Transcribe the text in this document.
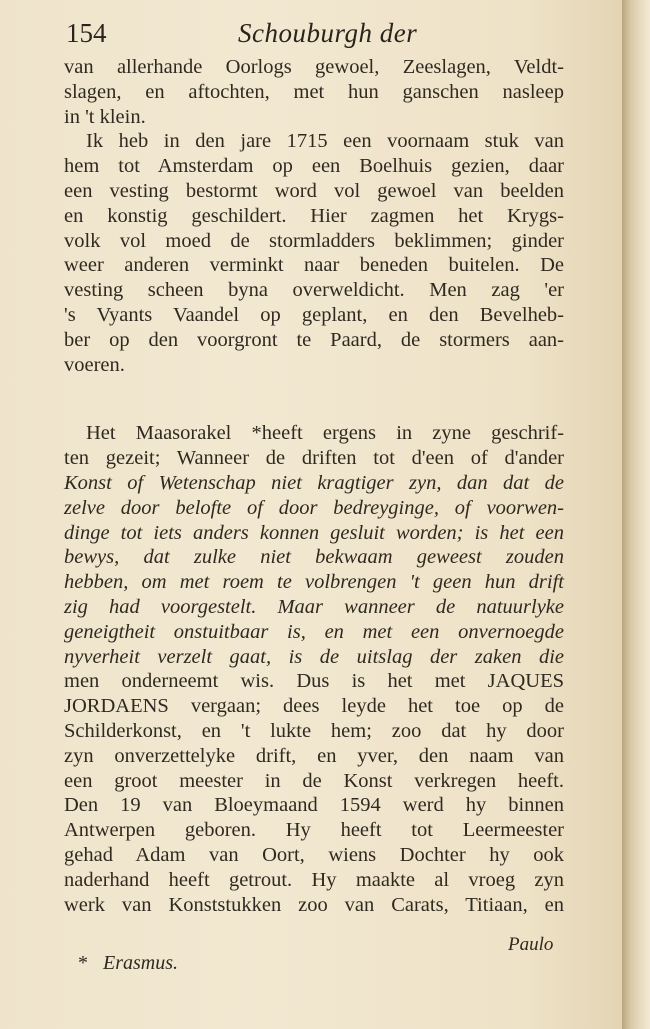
154	Schouburgh der
van allerhande Oorlogs gewoel, Zeeslagen, Veldt-
slagen, en aftochten, met hun ganschen nasleep
in 't klein.
Ik heb in den jare 1715 een voornaam stuk van
hem tot Amsterdam op een Boelhuis gezien, daar
een vesting bestormt word vol gewoel van beelden
en konstig geschildert. Hier zagmen het Krygs-
volk vol moed de stormladders beklimmen; ginder
weer anderen verminkt naar beneden buitelen. De
vesting scheen byna overweldicht. Men zag 'er
's Vyants Vaandel op geplant, en den Bevelheb-
ber op den voorgront te Paard, de stormers aan-
voeren.
Het Maasorakel *heeft ergens in zyne geschrif-
ten gezeit; Wanneer de driften tot d'een of d'ander
Konst of Wetenschap niet kragtiger zyn, dan dat de
zelve door belofte of door bedreyginge, of voorwen-
dinge tot iets anders konnen gesluit worden; is het een
bewys, dat zulke niet bekwaam geweest zouden
hebben, om met roem te volbrengen 't geen hun drift
zig had voorgestelt. Maar wanneer de natuurlyke
geneigtheit onstuitbaar is, en met een onvernoegde
nyverheit verzelt gaat, is de uitslag der zaken die
men onderneemt wis. Dus is het met JAQUES
JORDAENS vergaan; dees leyde het toe op de
Schilderkonst, en 't lukte hem; zoo dat hy door
zyn onverzettelyke drift, en yver, den naam van
een groot meester in de Konst verkregen heeft.
Den 19 van Bloeymaand 1594 werd hy binnen
Antwerpen geboren. Hy heeft tot Leermeester
gehad Adam van Oort, wiens Dochter hy ook
naderhand heeft getrout. Hy maakte al vroeg zyn
werk van Konststukken zoo van Carats, Titiaan, en
Paulo
* Erasmus.
